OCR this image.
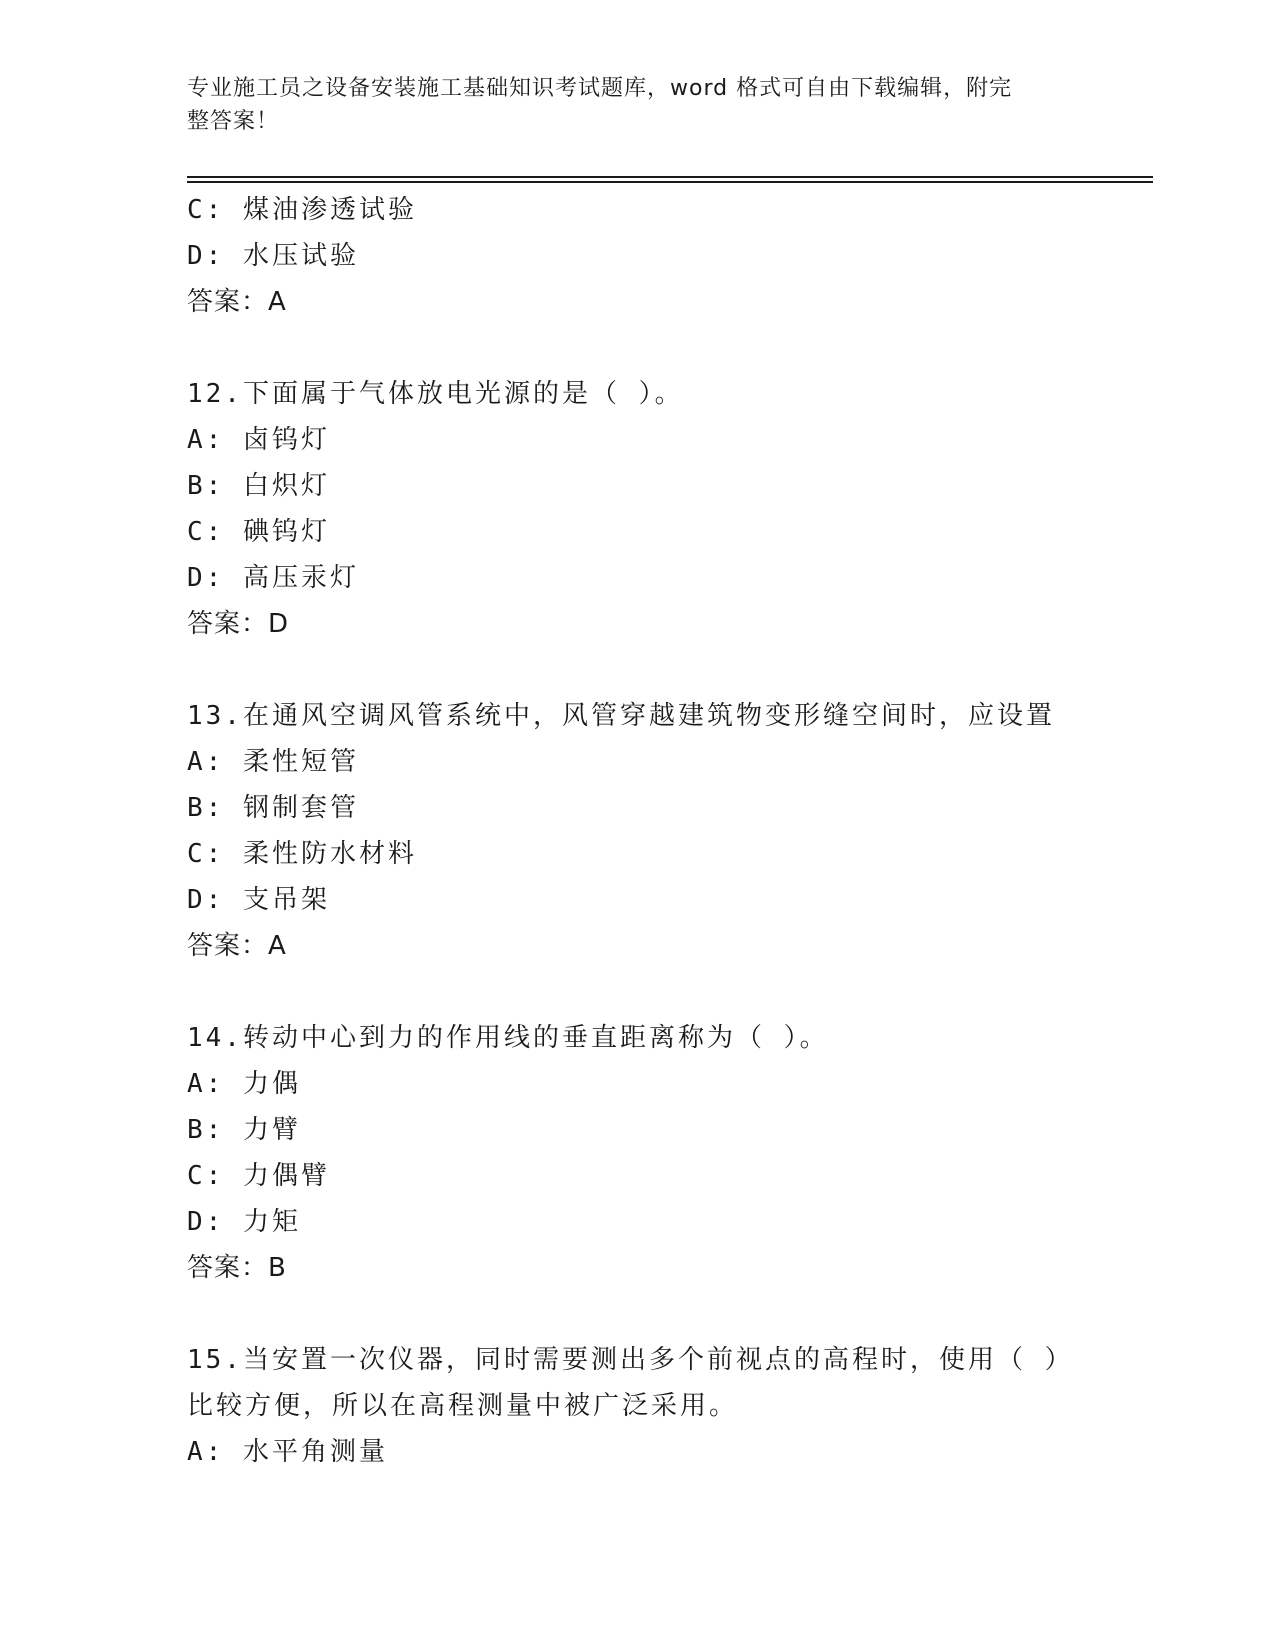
专业施工员之设备安装施工基础知识考试题库，word 格式可自由下载编辑，附完
整答案！
C: 煤油渗透试验
D: 水压试验
答案：A
12.下面属于气体放电光源的是（ ）。
A: 卤钨灯
B: 白炽灯
C: 碘钨灯
D: 高压汞灯
答案：D
13.在通风空调风管系统中，风管穿越建筑物变形缝空间时，应设置
A: 柔性短管
B: 钢制套管
C: 柔性防水材料
D: 支吊架
答案：A
14.转动中心到力的作用线的垂直距离称为（ ）。
A: 力偶
B: 力臂
C: 力偶臂
D: 力矩
答案：B
15.当安置一次仪器，同时需要测出多个前视点的高程时，使用（ ）
比较方便，所以在高程测量中被广泛采用。
A: 水平角测量
